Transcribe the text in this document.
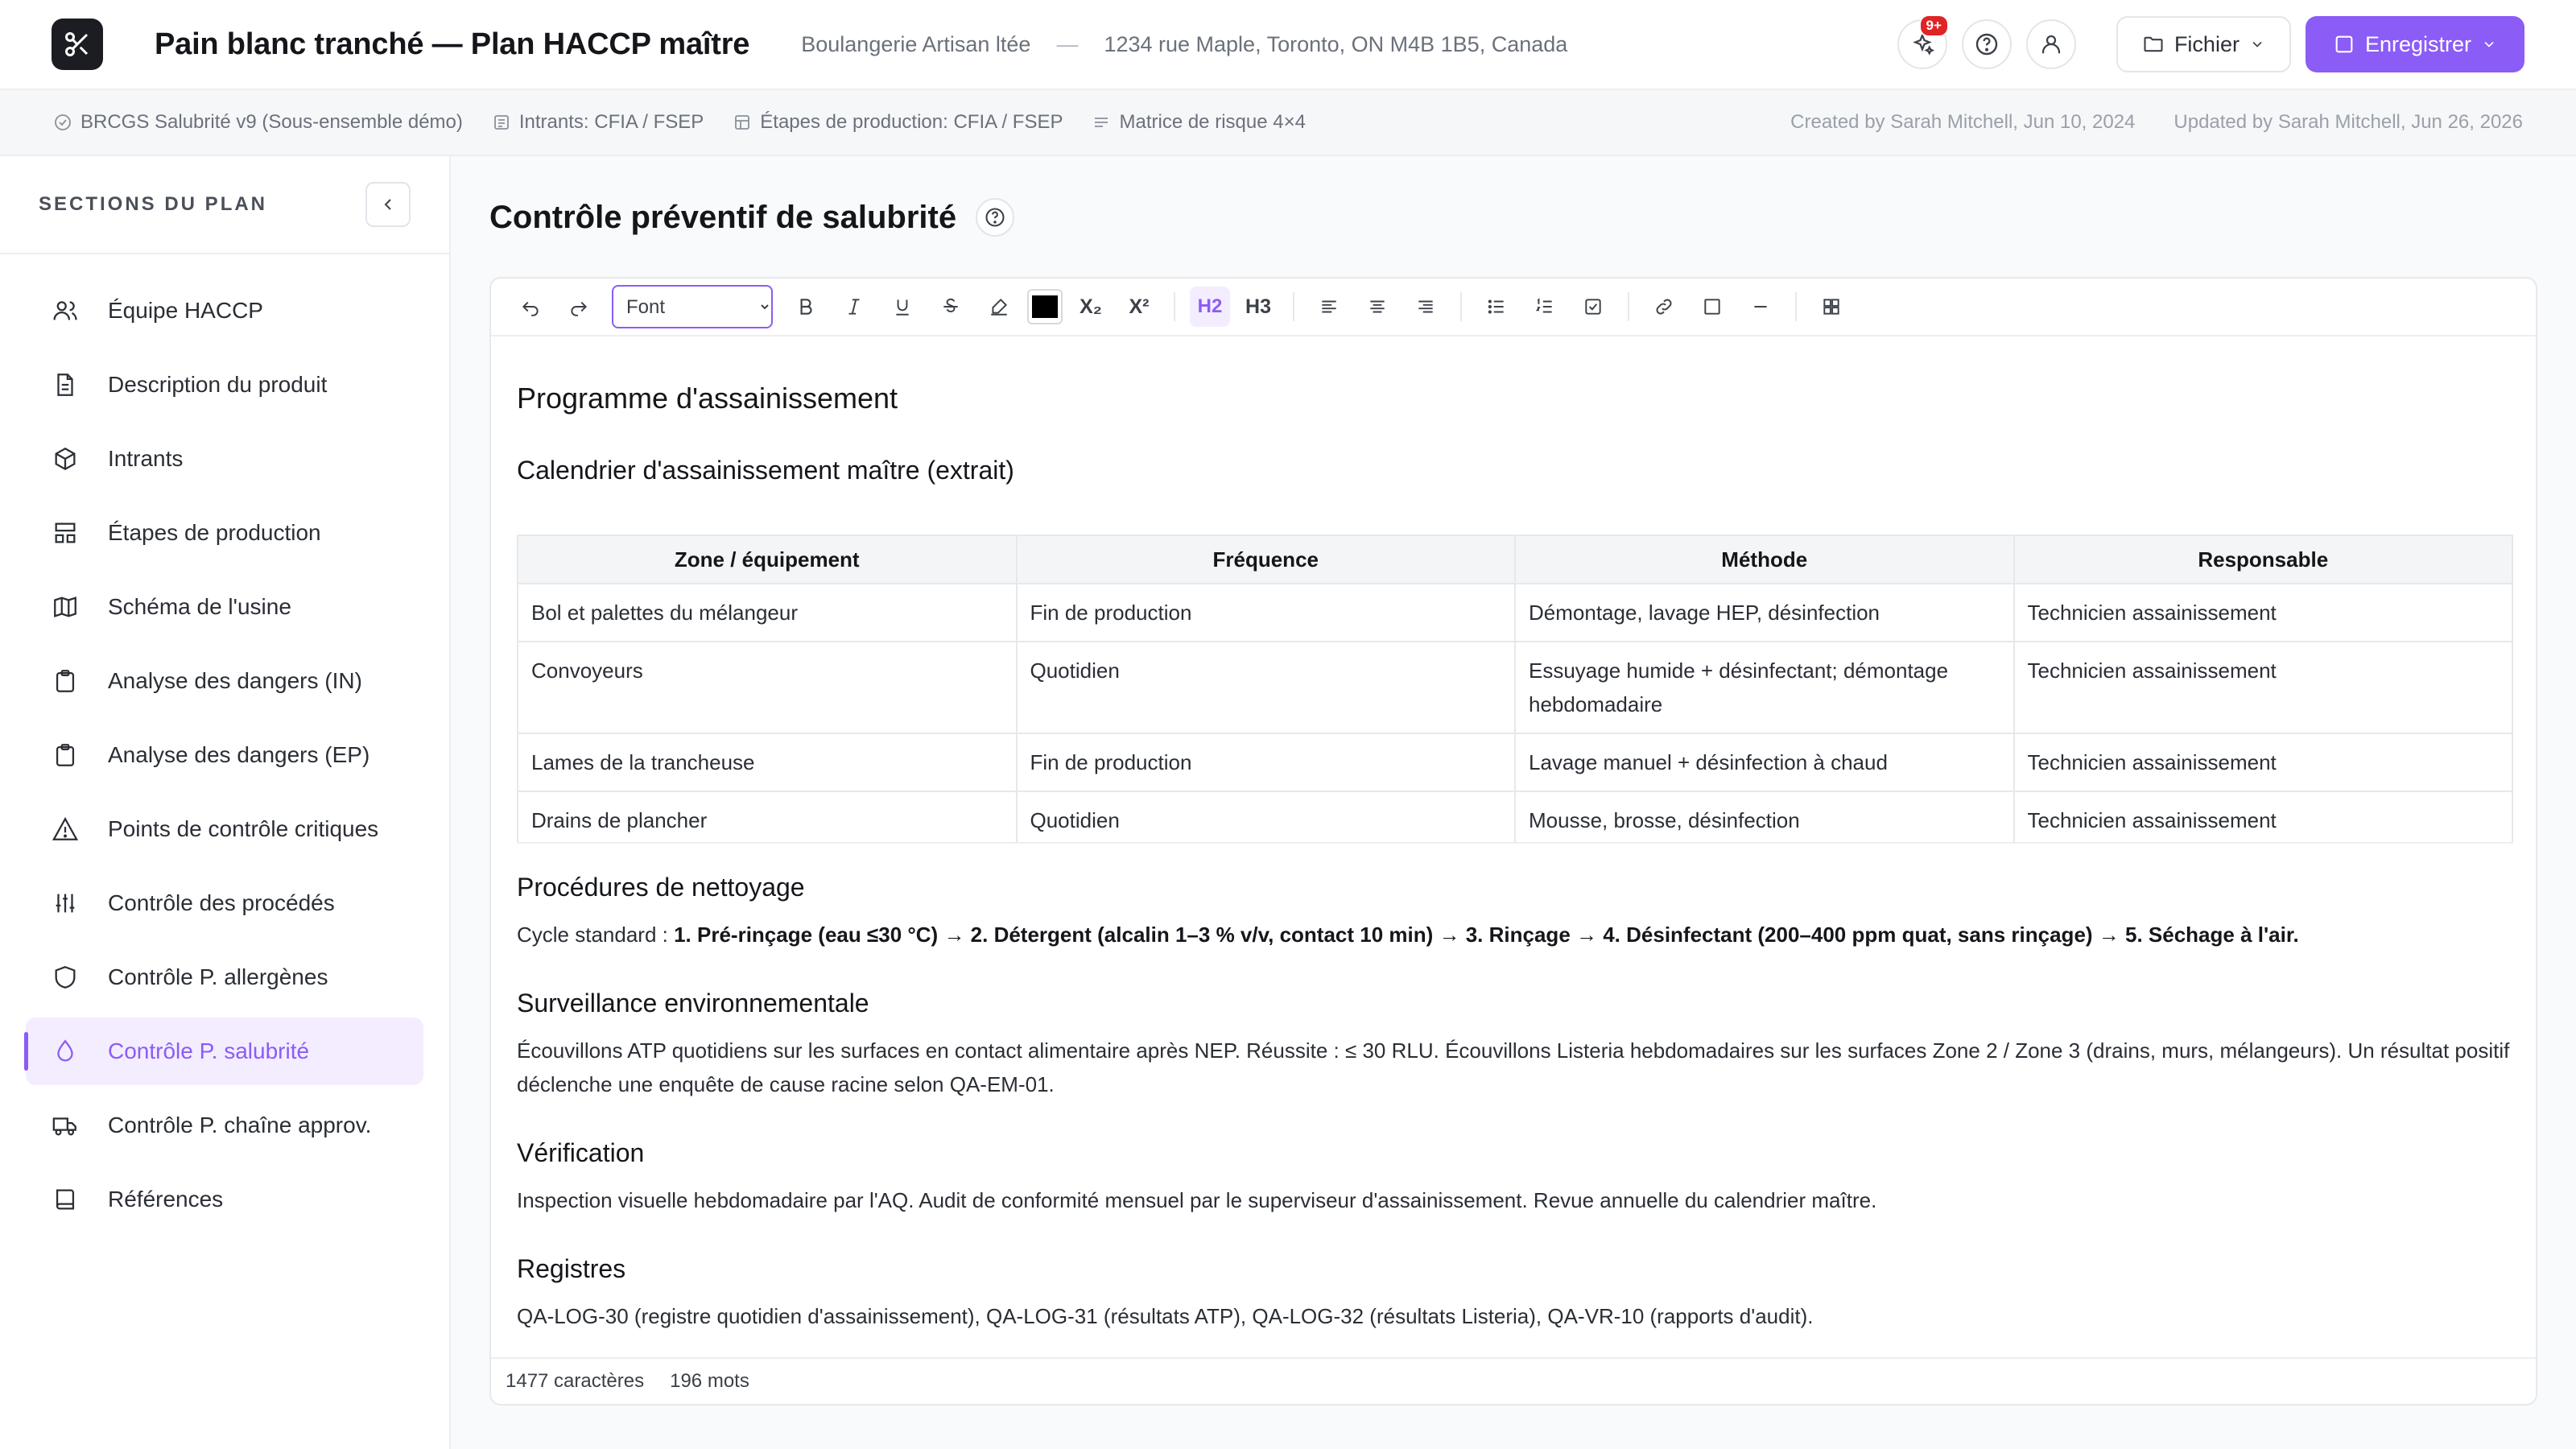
Pain blanc tranché — Plan HACCP maître Boulangerie Artisan ltée — 1234 rue Maple, Toronto, ON M4B 1B5, Canada
9+
Fichier	Enregistrer
BRCGS Salubrité v9 (Sous-ensemble démo)	Intrants: CFIA / FSEP	Étapes de production: CFIA / FSEP	Matrice de risque 4×4	Created by Sarah Mitchell, Jun 10, 2024 Updated by Sarah Mitchell, Jun 26, 2026
SECTIONS DU PLAN
Équipe HACCP
Description du produit
Intrants
Étapes de production
Schéma de l'usine
Analyse des dangers (IN)
Analyse des dangers (EP)
Points de contrôle critiques
Contrôle des procédés
Contrôle P. allergènes
Contrôle P. salubrité
Contrôle P. chaîne approv.
Références
Contrôle préventif de salubrité
Font
X₂ X²	H2 H3
Programme d'assainissement
Calendrier d'assainissement maître (extrait)
Zone / équipement	Fréquence	Méthode	Responsable
Bol et palettes du mélangeur	Fin de production	Démontage, lavage HEP, désinfection	Technicien assainissement
Convoyeurs	Quotidien	Essuyage humide + désinfectant; démontage hebdomadaire	Technicien assainissement
Lames de la trancheuse	Fin de production	Lavage manuel + désinfection à chaud	Technicien assainissement
Drains de plancher	Quotidien	Mousse, brosse, désinfection	Technicien assainissement

Procédures de nettoyage
Cycle standard : 1. Pré-rinçage (eau ≤30 °C) → 2. Détergent (alcalin 1–3 % v/v, contact 10 min) → 3. Rinçage → 4. Désinfectant (200–400 ppm quat, sans rinçage) → 5. Séchage à l'air.
Surveillance environnementale
Écouvillons ATP quotidiens sur les surfaces en contact alimentaire après NEP. Réussite : ≤ 30 RLU. Écouvillons Listeria hebdomadaires sur les surfaces Zone 2 / Zone 3 (drains, murs, mélangeurs). Un résultat positif déclenche une enquête de cause racine selon QA-EM-01.
Vérification
Inspection visuelle hebdomadaire par l'AQ. Audit de conformité mensuel par le superviseur d'assainissement. Revue annuelle du calendrier maître.
Registres
QA-LOG-30 (registre quotidien d'assainissement), QA-LOG-31 (résultats ATP), QA-LOG-32 (résultats Listeria), QA-VR-10 (rapports d'audit).
1477 caractères 196 mots
